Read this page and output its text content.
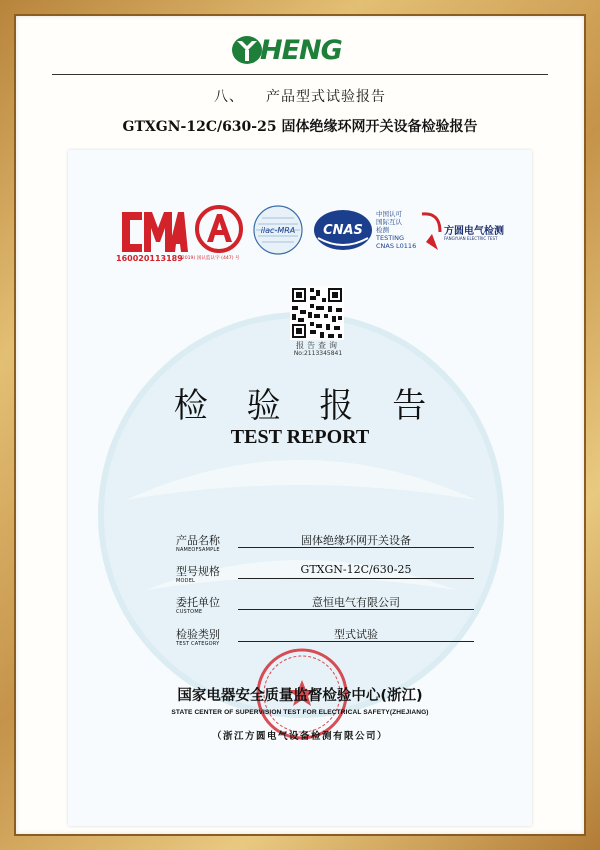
HENG
八、 产品型式试验报告
GTXGN-12C/630-25 固体绝缘环网开关设备检验报告
160020113189
(2019) 国认监认字 (447) 号
ilac-MRA CNAS
中国认可
国际互认
检测
TESTING
CNAS L0116
方圆电气检测
FANGYUAN ELECTRIC TEST
报告查询
No:2113345841
检 验 报 告
TEST REPORT
产品名称
NAMEOFSAMPLE
固体绝缘环网开关设备
型号规格
MODEL
GTXGN-12C/630-25
委托单位
CUSTOME
意恒电气有限公司
检验类别
TEST CATEGORY
型式试验
国家电器安全质量监督检验中心(浙江)
STATE CENTER OF SUPERVISION TEST FOR ELECTRICAL SAFETY(ZHEJIANG)
（浙江方圆电气设备检测有限公司）
